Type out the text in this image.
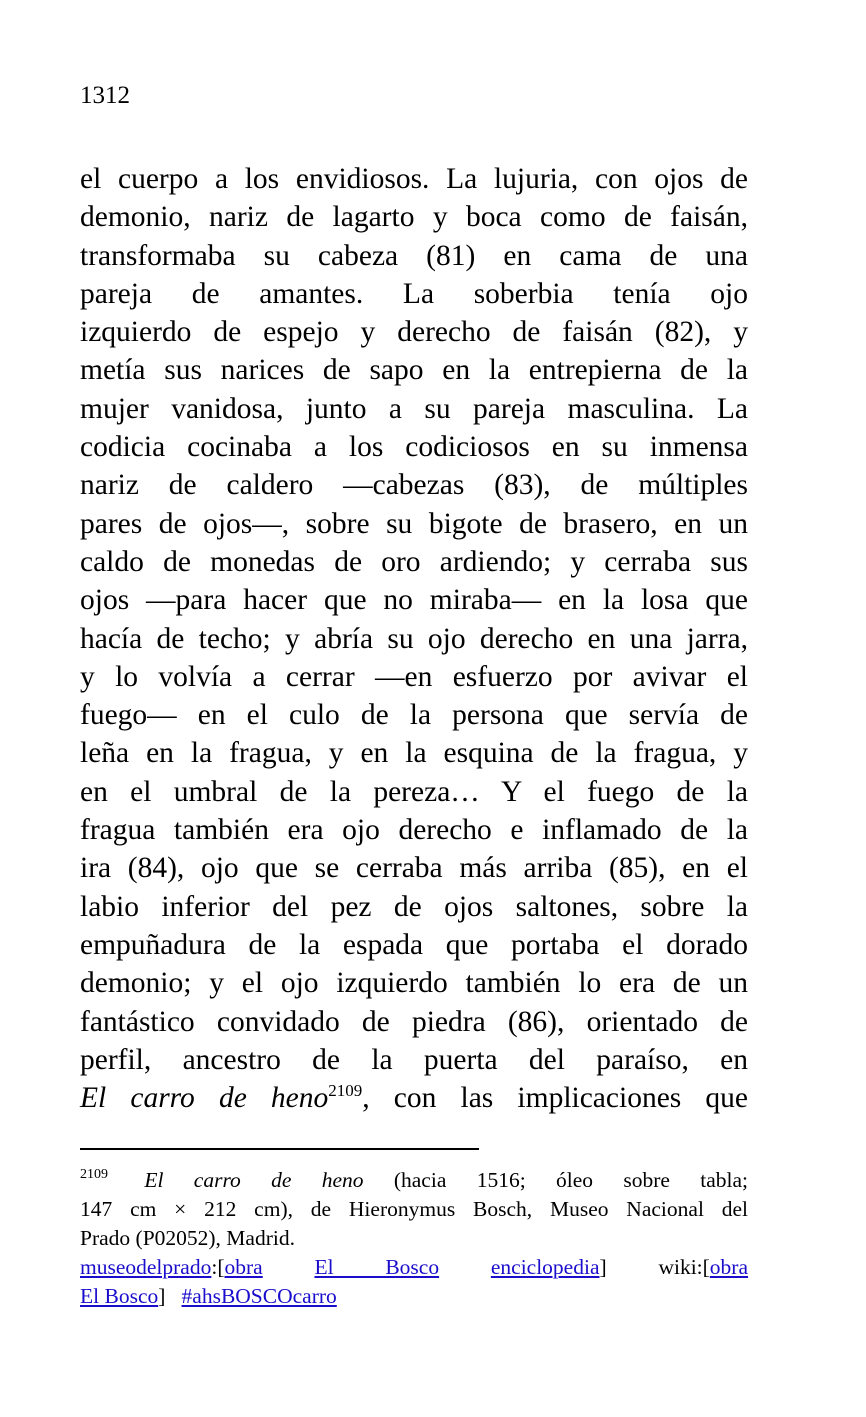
1312
el cuerpo a los envidiosos. La lujuria, con ojos de
demonio, nariz de lagarto y boca como de faisán,
transformaba su cabeza (81) en cama de una
pareja de amantes. La soberbia tenía ojo
izquierdo de espejo y derecho de faisán (82), y
metía sus narices de sapo en la entrepierna de la
mujer vanidosa, junto a su pareja masculina. La
codicia cocinaba a los codiciosos en su inmensa
nariz de caldero —cabezas (83), de múltiples
pares de ojos—, sobre su bigote de brasero, en un
caldo de monedas de oro ardiendo; y cerraba sus
ojos —para hacer que no miraba— en la losa que
hacía de techo; y abría su ojo derecho en una jarra,
y lo volvía a cerrar —en esfuerzo por avivar el
fuego— en el culo de la persona que servía de
leña en la fragua, y en la esquina de la fragua, y
en el umbral de la pereza… Y el fuego de la
fragua también era ojo derecho e inflamado de la
ira (84), ojo que se cerraba más arriba (85), en el
labio inferior del pez de ojos saltones, sobre la
empuñadura de la espada que portaba el dorado
demonio; y el ojo izquierdo también lo era de un
fantástico convidado de piedra (86), orientado de
perfil, ancestro de la puerta del paraíso, en
El carro de heno$^{2109}$, con las implicaciones que
$^{2109}$ El carro de heno (hacia 1516; óleo sobre tabla;
147 cm × 212 cm), de Hieronymus Bosch, Museo Nacional del
Prado (P02052), Madrid.
museodelprado:[obra El Bosco enciclopedia] wiki:[obra
El Bosco] #ahsBOSCOcarro
